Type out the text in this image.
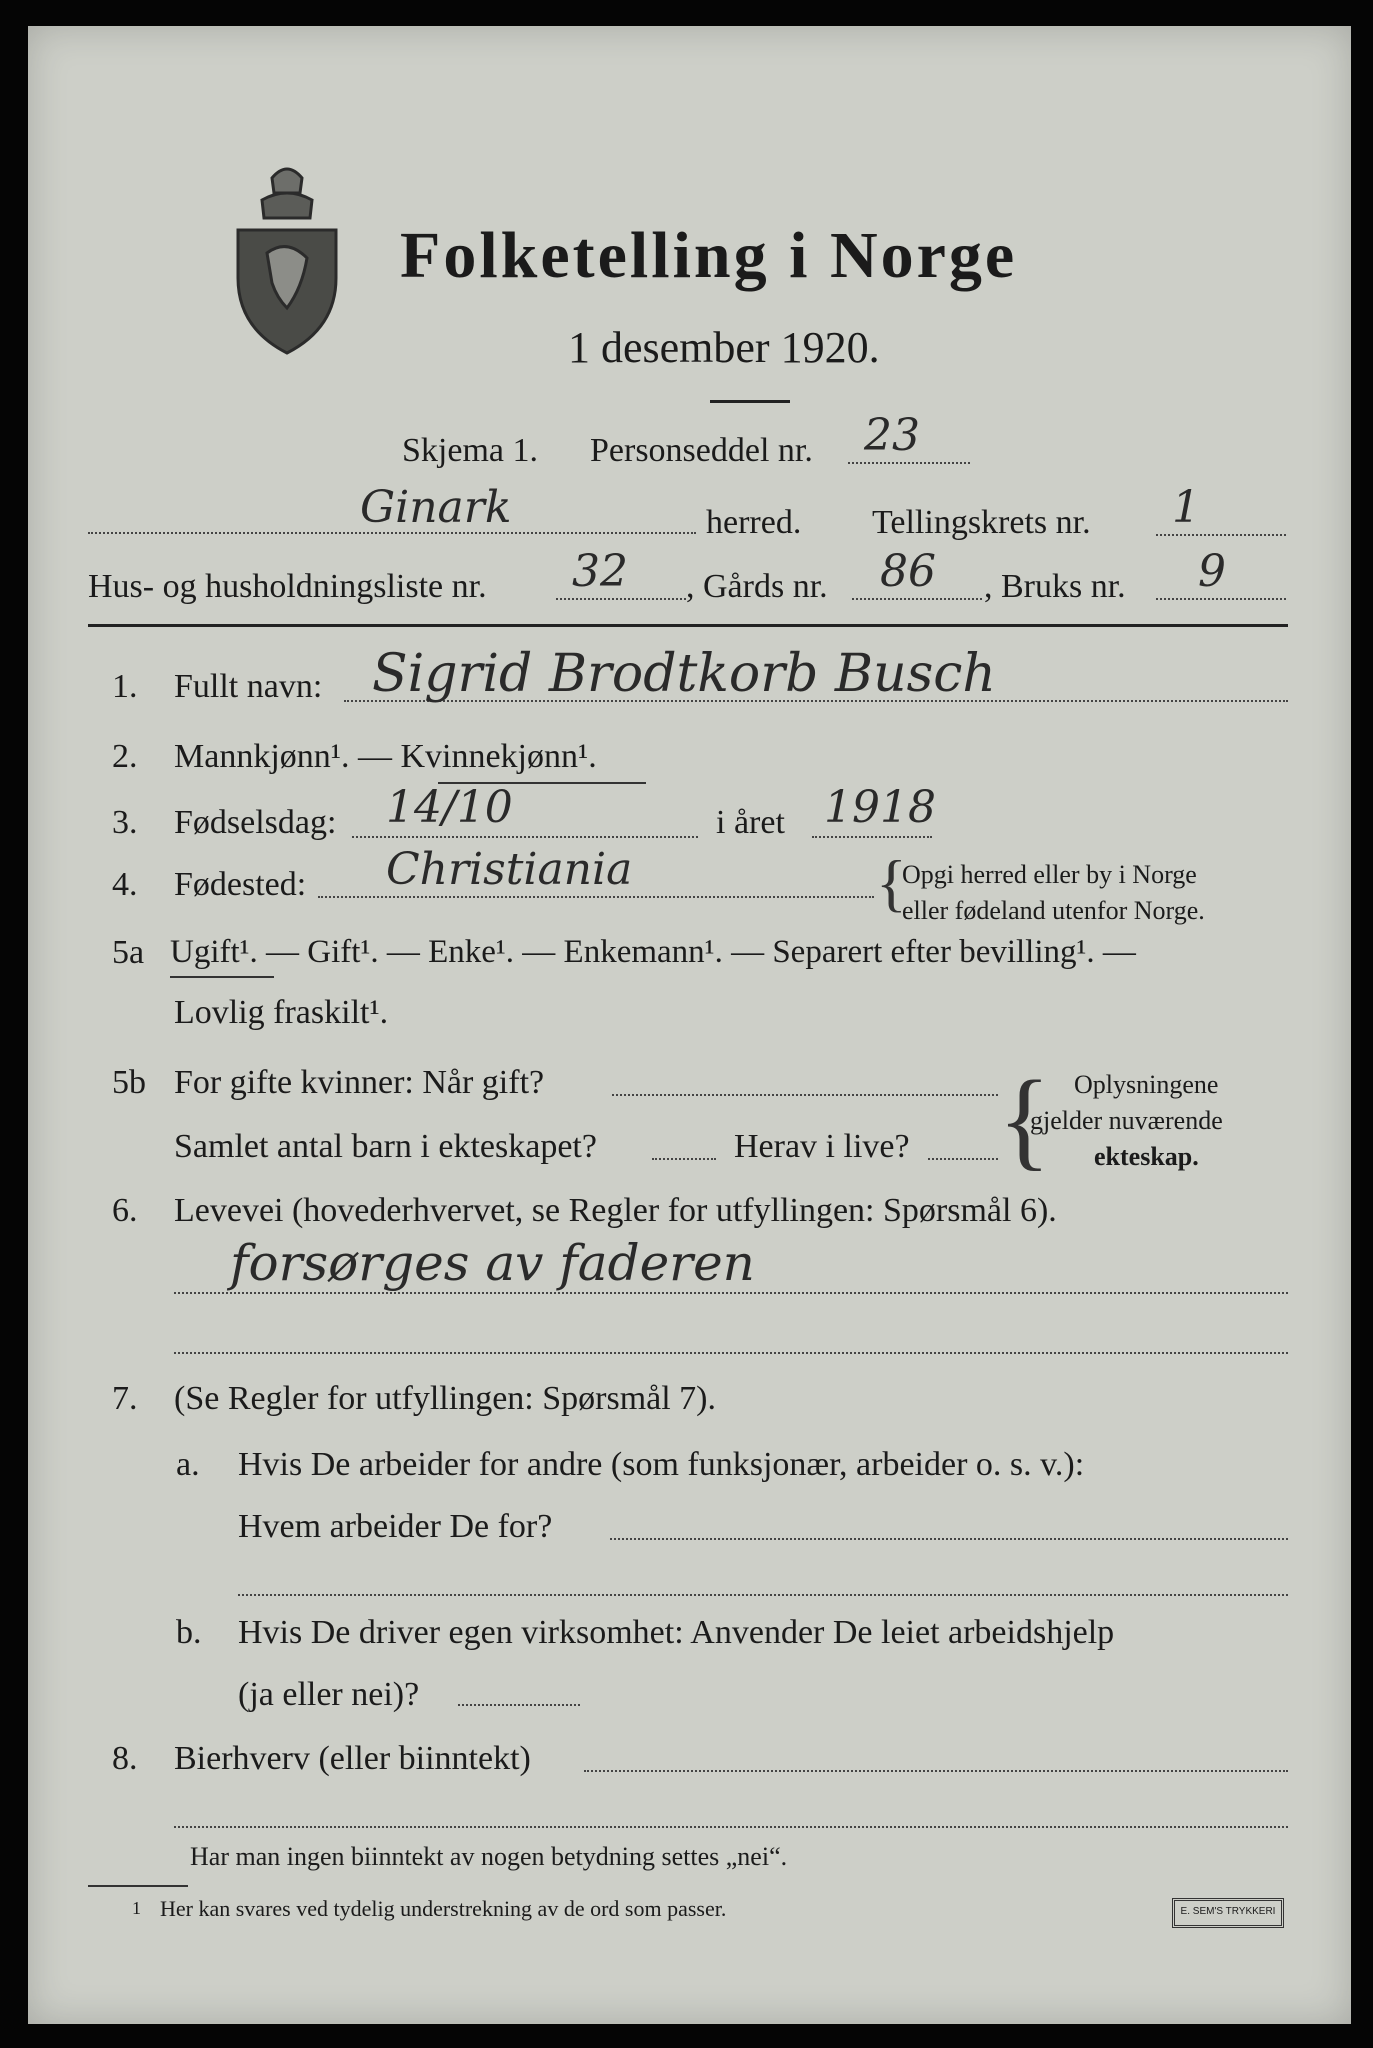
Folketelling i Norge
1 desember 1920.
Skjema 1. Personseddel nr. 23
Ginark	herred. Tellingskrets nr. 1
Hus- og husholdningsliste nr. 32 , Gårds nr. 86 , Bruks nr. 9
1. Fullt navn: Sigrid Brodtkorb Busch
2. Mannkjønn¹. — Kvinnekjønn¹.
3. Fødselsdag: 14/10	i året 1918
4. Fødested: Christiania	{
Opgi herred eller by i Norge
eller fødeland utenfor Norge.
5a Ugift¹. — Gift¹. — Enke¹. — Enkemann¹. — Separert efter bevilling¹. —
Lovlig fraskilt¹.
5b For gifte kvinner: Når gift?
Samlet antal barn i ekteskapet?	Herav i live? { Oplysningene
gjelder nuværende
ekteskap.
6. Levevei (hovederhvervet, se Regler for utfyllingen: Spørsmål 6).
forsørges av faderen
7. (Se Regler for utfyllingen: Spørsmål 7).
a. Hvis De arbeider for andre (som funksjonær, arbeider o. s. v.):
Hvem arbeider De for?
b. Hvis De driver egen virksomhet: Anvender De leiet arbeidshjelp
(ja eller nei)?
8. Bierhverv (eller biinntekt)
Har man ingen biinntekt av nogen betydning settes „nei“.
1 Her kan svares ved tydelig understrekning av de ord som passer.	E. SEM'S TRYKKERI
